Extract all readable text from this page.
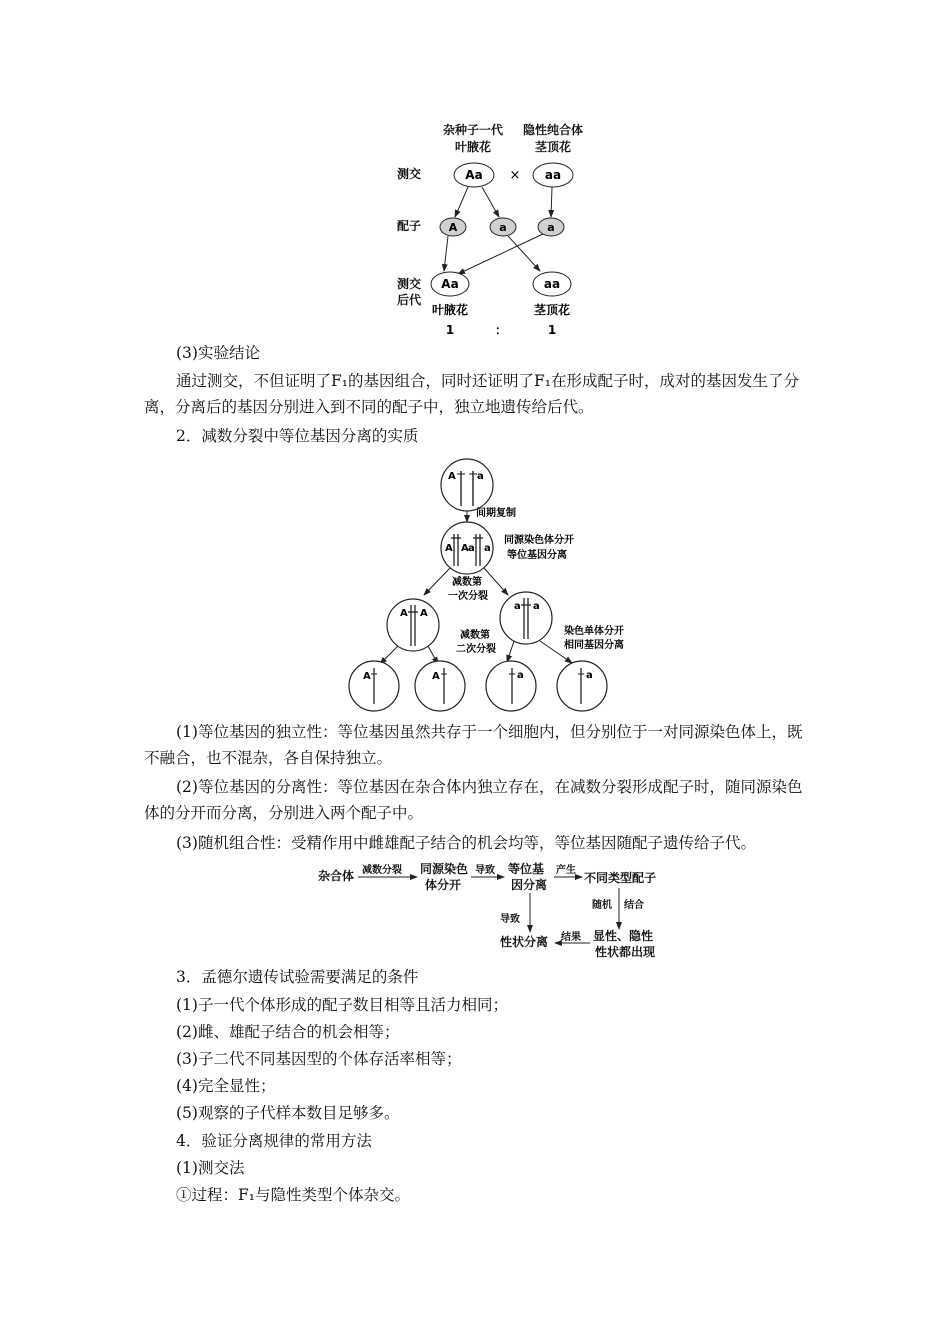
杂种子一代
叶腋花
隐性纯合体
茎顶花
测交
配子
测交
后代
Aa × aa
A	a	a
Aa	aa
叶腋花	茎顶花
1	：	1
(3)实验结论
通过测交，不但证明了F₁的基因组合，同时还证明了F₁在形成配子时，成对的基因发生了分离，分离后的基因分别进入到不同的配子中，独立地遗传给后代。
2．减数分裂中等位基因分离的实质
A a
间期复制
A A a a
同源染色体分开
等位基因分离
减数第
一次分裂
A A
a a
减数第
二次分裂
染色单体分开
相同基因分离
A	A	a	a
(1)等位基因的独立性：等位基因虽然共存于一个细胞内，但分别位于一对同源染色体上，既不融合，也不混杂，各自保持独立。
(2)等位基因的分离性：等位基因在杂合体内独立存在，在减数分裂形成配子时，随同源染色体的分开而分离，分别进入两个配子中。
(3)随机组合性：受精作用中雌雄配子结合的机会均等，等位基因随配子遗传给子代。
杂合体 减数分裂 同源染色
体分开
导致 等位基
因分离
产生
不同类型配子
随机 结合
导致
性状分离 结果 显性、隐性
性状都出现
3．孟德尔遗传试验需要满足的条件
(1)子一代个体形成的配子数目相等且活力相同；
(2)雌、雄配子结合的机会相等；
(3)子二代不同基因型的个体存活率相等；
(4)完全显性；
(5)观察的子代样本数目足够多。
4．验证分离规律的常用方法
(1)测交法
①过程：F₁与隐性类型个体杂交。
